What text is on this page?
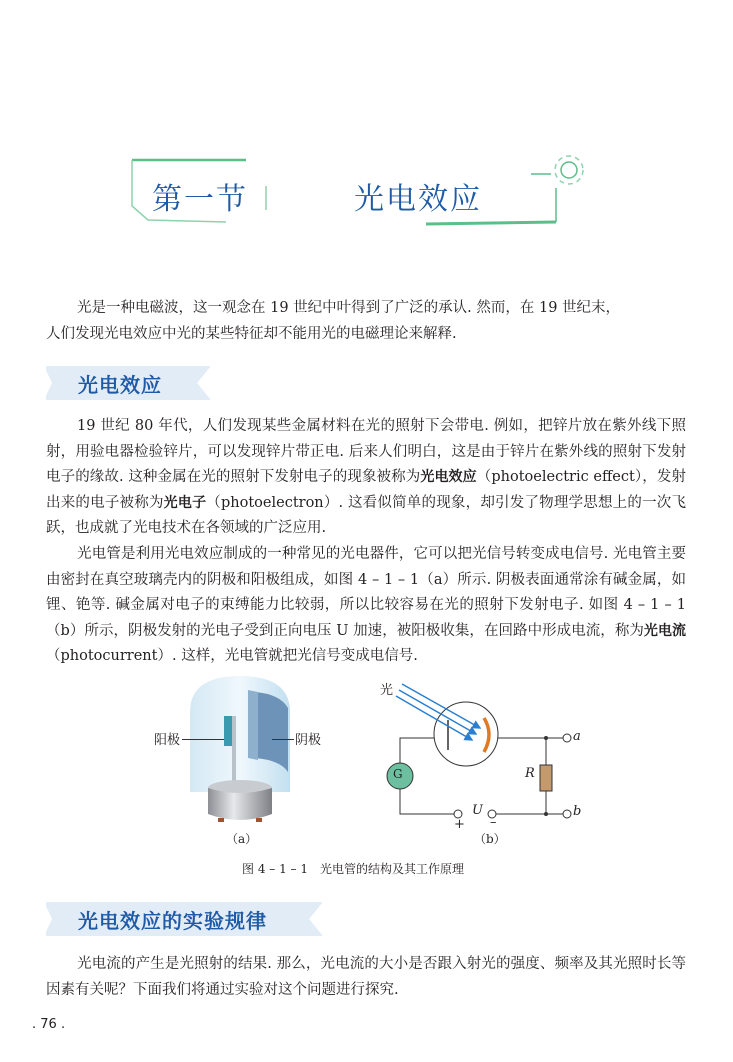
第一节	光电效应
光是一种电磁波，这一观念在 19 世纪中叶得到了广泛的承认. 然而，在 19 世纪末，
人们发现光电效应中光的某些特征却不能用光的电磁理论来解释.
光电效应
19 世纪 80 年代，人们发现某些金属材料在光的照射下会带电. 例如，把锌片放在紫外线下照射，用验电器检验锌片，可以发现锌片带正电. 后来人们明白，这是由于锌片在紫外线的照射下发射电子的缘故. 这种金属在光的照射下发射电子的现象被称为光电效应（photoelectric effect），发射出来的电子被称为光电子（photoelectron）. 这看似简单的现象，却引发了物理学思想上的一次飞跃，也成就了光电技术在各领域的广泛应用.
光电管是利用光电效应制成的一种常见的光电器件，它可以把光信号转变成电信号. 光电管主要由密封在真空玻璃壳内的阴极和阳极组成，如图 4 – 1 – 1（a）所示. 阴极表面通常涂有碱金属，如锂、铯等. 碱金属对电子的束缚能力比较弱，所以比较容易在光的照射下发射电子. 如图 4 – 1 – 1（b）所示，阴极发射的光电子受到正向电压 U 加速，被阳极收集，在回路中形成电流，称为光电流（photocurrent）. 这样，光电管就把光信号变成电信号.
阳极	阴极
（a）
光
G	R
U
+ –
a
b
（b）
图 4 – 1 – 1　光电管的结构及其工作原理
光电效应的实验规律
光电流的产生是光照射的结果. 那么，光电流的大小是否跟入射光的强度、频率及其光照时长等因素有关呢？下面我们将通过实验对这个问题进行探究.
. 76 .
